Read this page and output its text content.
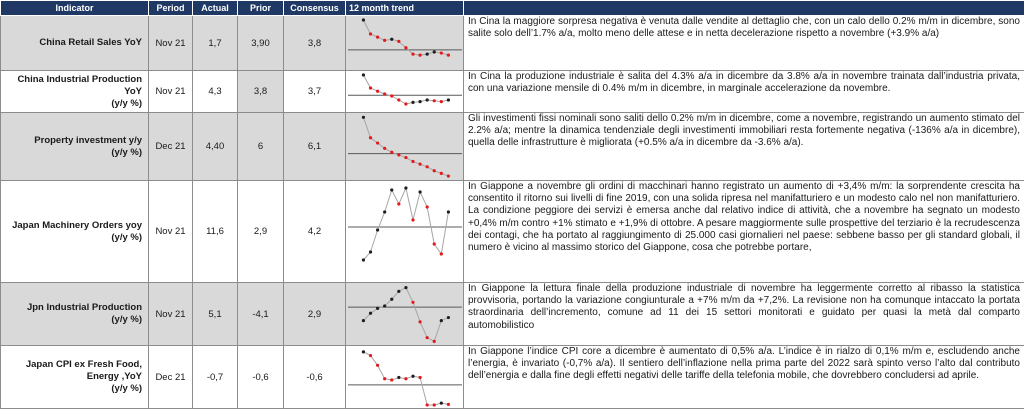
Indicator	Period	Actual	Prior	Consensus	12 month trend	

China Retail Sales YoY	Nov 21	1,7	3,90	3,8		In Cina la maggiore sorpresa negativa è venuta dalle vendite al dettaglio che, con un calo dello 0.2% m/m in dicembre, sono salite solo dell’1.7% a/a, molto meno delle attese e in netta decelerazione rispetto a novembre (+3.9% a/a)

China Industrial Production YoY
(y/y %)	Nov 21	4,3	3,8	3,7		In Cina la produzione industriale è salita del 4.3% a/a in dicembre da 3.8% a/a in novembre trainata dall’industria privata, con una variazione mensile di 0.4% m/m in dicembre, in marginale accelerazione da novembre.

Property investment y/y
(y/y %)	Dec 21	4,40	6	6,1		Gli investimenti fissi nominali sono saliti dello 0.2% m/m in dicembre, come a novembre, registrando un aumento stimato del 2.2% a/a; mentre la dinamica tendenziale degli investimenti immobiliari resta fortemente negativa (-136% a/a in dicembre), quella delle infrastrutture è migliorata (+0.5% a/a in dicembre da -3.6% a/a).

Japan Machinery Orders yoy
(y/y %)	Nov 21	11,6	2,9	4,2		In Giappone a novembre gli ordini di macchinari hanno registrato un aumento di +3,4% m/m: la sorprendente crescita ha consentito il ritorno sui livelli di fine 2019, con una solida ripresa nel manifatturiero e un modesto calo nel non manifatturiero. La condizione peggiore dei servizi è emersa anche dal relativo indice di attività, che a novembre ha segnato un modesto +0,4% m/m contro +1% stimato e +1,9% di ottobre. A pesare maggiormente sulle prospettive del terziario è la recrudescenza dei contagi, che ha portato al raggiungimento di 25.000 casi giornalieri nel paese: sebbene basso per gli standard globali, il numero è vicino al massimo storico del Giappone, cosa che potrebbe portare,

Jpn Industrial Production
(y/y %)	Nov 21	5,1	-4,1	2,9		In Giappone la lettura finale della produzione industriale di novembre ha leggermente corretto al ribasso la statistica provvisoria, portando la variazione congiunturale a +7% m/m da +7,2%. La revisione non ha comunque intaccato la portata straordinaria dell’incremento, comune ad 11 dei 15 settori monitorati e guidato per quasi la metà dal comparto automobilistico

Japan CPI ex Fresh Food, Energy ,YoY
(y/y %)	Dec 21	-0,7	-0,6	-0,6		In Giappone l’indice CPI core a dicembre è aumentato di 0,5% a/a. L’indice è in rialzo di 0,1% m/m e, escludendo anche l’energia, è invariato (-0,7% a/a). Il sentiero dell’inflazione nella prima parte del 2022 sarà spinto verso l’alto dal contributo dell’energia e dalla fine degli effetti negativi delle tariffe della telefonia mobile, che dovrebbero concludersi ad aprile.
